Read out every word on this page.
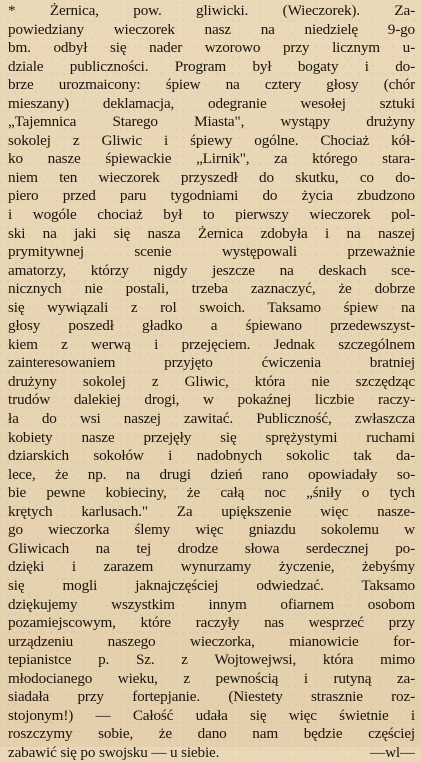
* Żernica, pow. gliwicki. (Wieczorek). Za-
powiedziany wieczorek nasz na niedzielę 9-go
bm. odbył się nader wzorowo przy licznym u-
dziale publiczności. Program był bogaty i do-
brze urozmaicony: śpiew na cztery głosy (chór
mieszany) deklamacja, odegranie wesołej sztuki
„Tajemnica Starego Miasta", wystąpy drużyny
sokolej z Gliwic i śpiewy ogólne. Chociaż kół-
ko nasze śpiewackie „Lirnik", za którego stara-
niem ten wieczorek przyszedł do skutku, co do-
piero przed paru tygodniami do życia zbudzono
i wogóle chociaż był to pierwszy wieczorek pol-
ski na jaki się nasza Żernica zdobyła i na naszej
prymitywnej scenie występowali przeważnie
amatorzy, którzy nigdy jeszcze na deskach sce-
nicznych nie postali, trzeba zaznaczyć, że dobrze
się wywiązali z rol swoich. Taksamo śpiew na
głosy poszedł gładko a śpiewano przedewszyst-
kiem z werwą i przejęciem. Jednak szczególnem
zainteresowaniem przyjęto ćwiczenia bratniej
drużyny sokolej z Gliwic, która nie szczędząc
trudów dalekiej drogi, w pokaźnej liczbie raczy-
ła do wsi naszej zawitać. Publiczność, zwłaszcza
kobiety nasze przejęły się sprężystymi ruchami
dziarskich sokołów i nadobnych sokolic tak da-
lece, że np. na drugi dzień rano opowiadały so-
bie pewne kobieciny, że całą noc „śniły o tych
krętych karlusach." Za upiększenie więc nasze-
go wieczorka ślemy więc gniazdu sokolemu w
Gliwicach na tej drodze słowa serdecznej po-
dzięki i zarazem wynurzamy życzenie, żebyśmy
się mogli jaknajczęściej odwiedzać. Taksamo
dziękujemy wszystkim innym ofiarnem osobom
pozamiejscowym, które raczyły nas wesprzeć przy
urządzeniu naszego wieczorka, mianowicie for-
tepianistce p. Sz. z Wojtowejwsi, która mimo
młodocianego wieku, z pewnością i rutyną za-
siadała przy fortepjanie. (Niestety strasznie roz-
stojonym!) — Całość udała się więc świetnie i
roszczymy sobie, że dano nam będzie częściej
zabawić się po swojsku — u siebie.	—wl—
